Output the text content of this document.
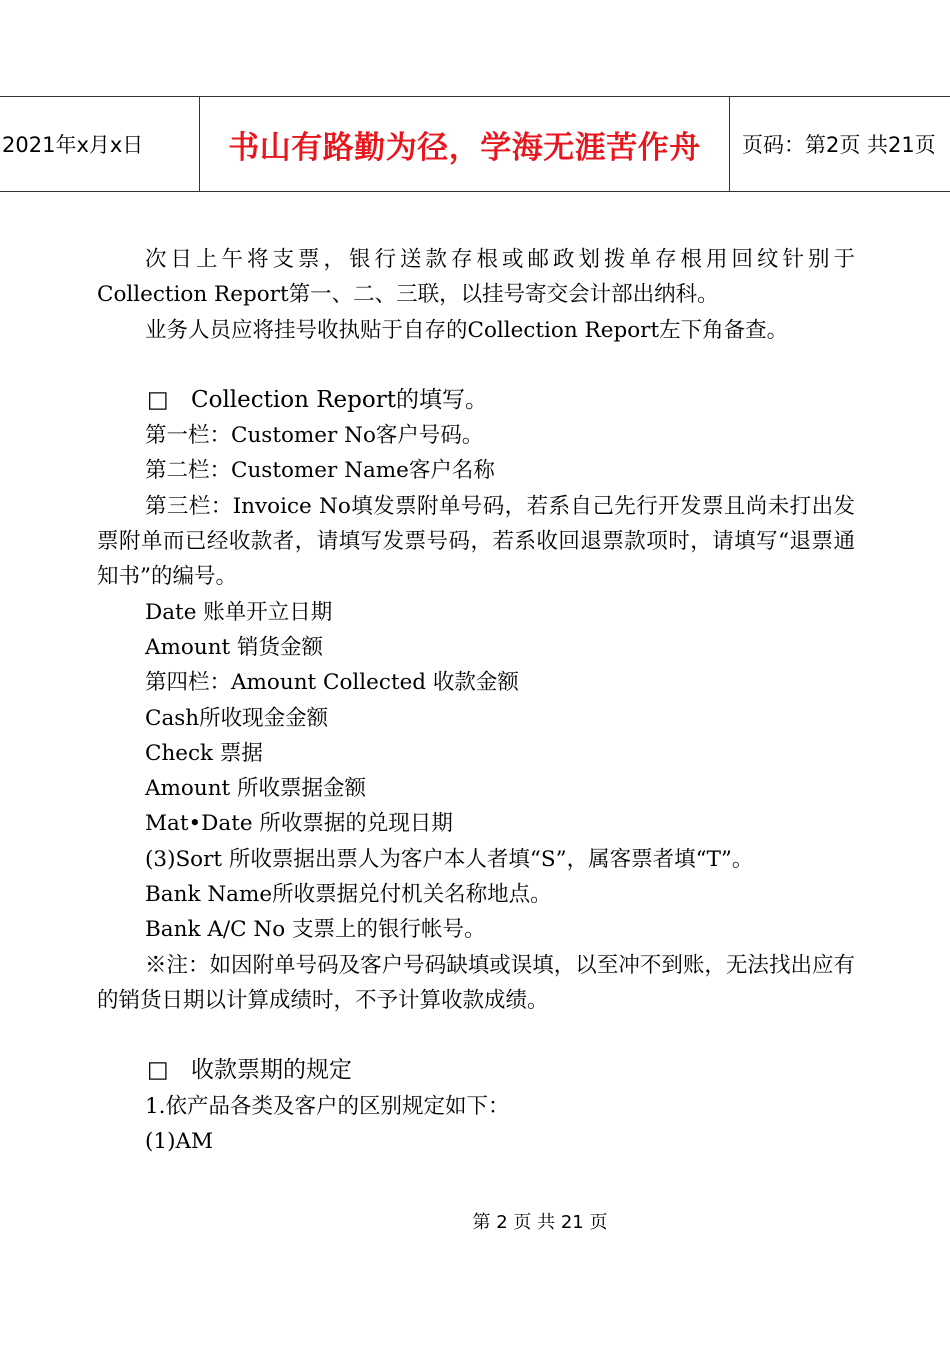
2021年x月x日	书山有路勤为径，学海无涯苦作舟	页码：第2页 共21页

次日上午将支票，银行送款存根或邮政划拨单存根用回纹针别于Collection Report第一、二、三联，以挂号寄交会计部出纳科。

业务人员应将挂号收执贴于自存的Collection Report左下角备查。

□ Collection Report的填写。

第一栏：Customer No客户号码。

第二栏：Customer Name客户名称

第三栏：Invoice No填发票附单号码，若系自己先行开发票且尚未打出发票附单而已经收款者，请填写发票号码，若系收回退票款项时，请填写“退票通知书”的编号。

Date 账单开立日期

Amount 销货金额

第四栏：Amount Collected 收款金额

Cash所收现金金额

Check 票据

Amount 所收票据金额

Mat•Date 所收票据的兑现日期

(3)Sort 所收票据出票人为客户本人者填“S”，属客票者填“T”。

Bank Name所收票据兑付机关名称地点。

Bank A/C No 支票上的银行帐号。

※注：如因附单号码及客户号码缺填或误填，以至冲不到账，无法找出应有的销货日期以计算成绩时，不予计算收款成绩。

□ 收款票期的规定

1.依产品各类及客户的区别规定如下：

(1)AM

第 2 页 共 21 页
